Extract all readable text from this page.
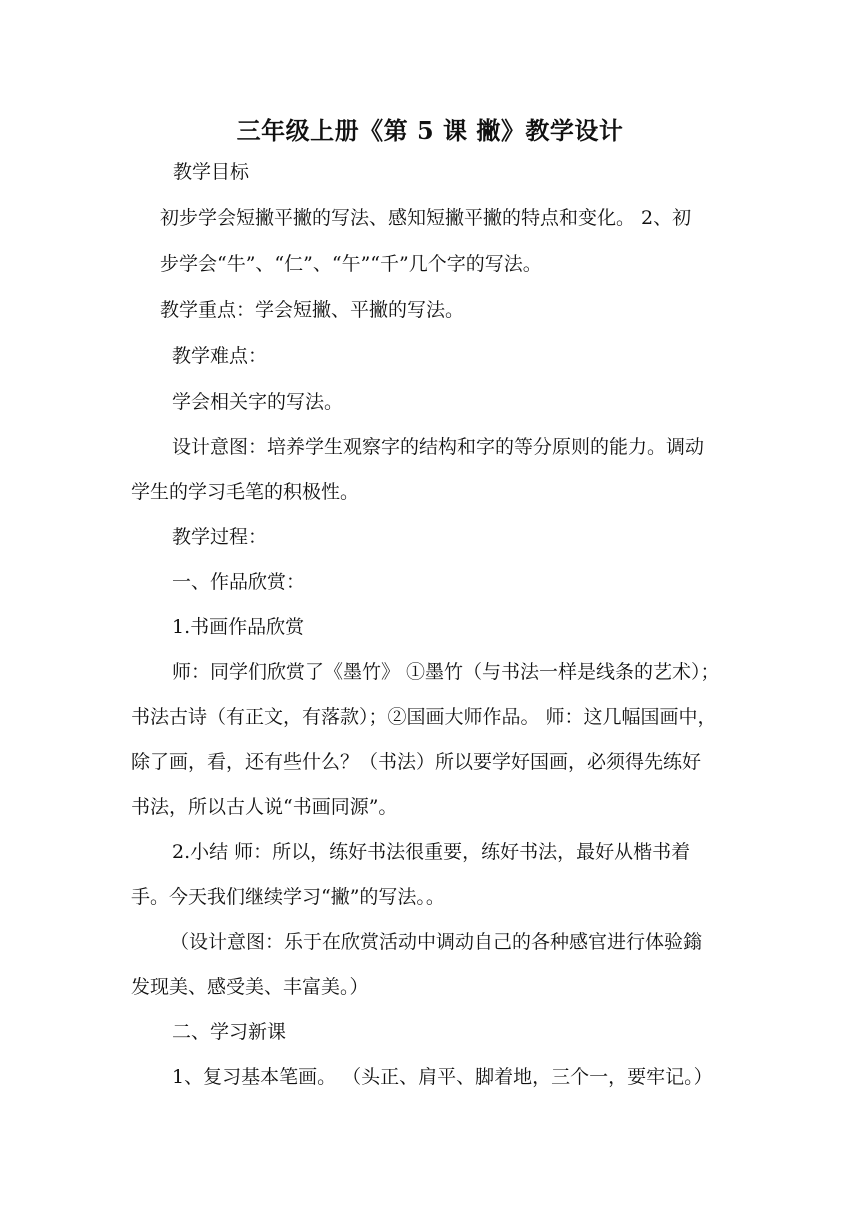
三年级上册《第 5 课 撇》教学设计
教学目标
初步学会短撇平撇的写法、感知短撇平撇的特点和变化。 2、初
步学会“牛”、“仁”、“午”“千”几个字的写法。
教学重点：学会短撇、平撇的写法。
教学难点：
学会相关字的写法。
设计意图：培养学生观察字的结构和字的等分原则的能力。调动
学生的学习毛笔的积极性。
教学过程：
一、作品欣赏：
1.书画作品欣赏
师：同学们欣赏了《墨竹》 ①墨竹（与书法一样是线条的艺术）；
书法古诗（有正文，有落款）；②国画大师作品。 师：这几幅国画中，
除了画，看，还有些什么？（书法）所以要学好国画，必须得先练好
书法，所以古人说“书画同源”。
2.小结 师：所以，练好书法很重要，练好书法，最好从楷书着
手。今天我们继续学习“撇”的写法。。
（设计意图：乐于在欣赏活动中调动自己的各种感官进行体验鎓
发现美、感受美、丰富美。）
二、学习新课
1、复习基本笔画。 （头正、肩平、脚着地，三个一，要牢记。）
